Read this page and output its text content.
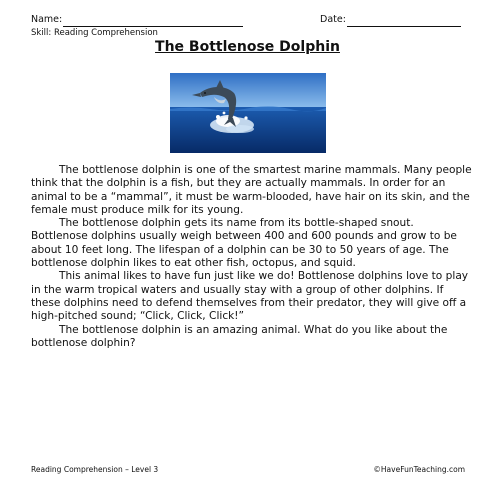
Name:	Date:
Skill: Reading Comprehension
The Bottlenose Dolphin

The bottlenose dolphin is one of the smartest marine mammals. Many people think that the dolphin is a fish, but they are actually mammals. In order for an animal to be a “mammal”, it must be warm-blooded, have hair on its skin, and the female must produce milk for its young.

The bottlenose dolphin gets its name from its bottle-shaped snout. Bottlenose dolphins usually weigh between 400 and 600 pounds and grow to be about 10 feet long. The lifespan of a dolphin can be 30 to 50 years of age. The bottlenose dolphin likes to eat other fish, octopus, and squid.

This animal likes to have fun just like we do! Bottlenose dolphins love to play in the warm tropical waters and usually stay with a group of other dolphins. If these dolphins need to defend themselves from their predator, they will give off a high-pitched sound; “Click, Click, Click!”

The bottlenose dolphin is an amazing animal. What do you like about the bottlenose dolphin?

Reading Comprehension – Level 3	©HaveFunTeaching.com
